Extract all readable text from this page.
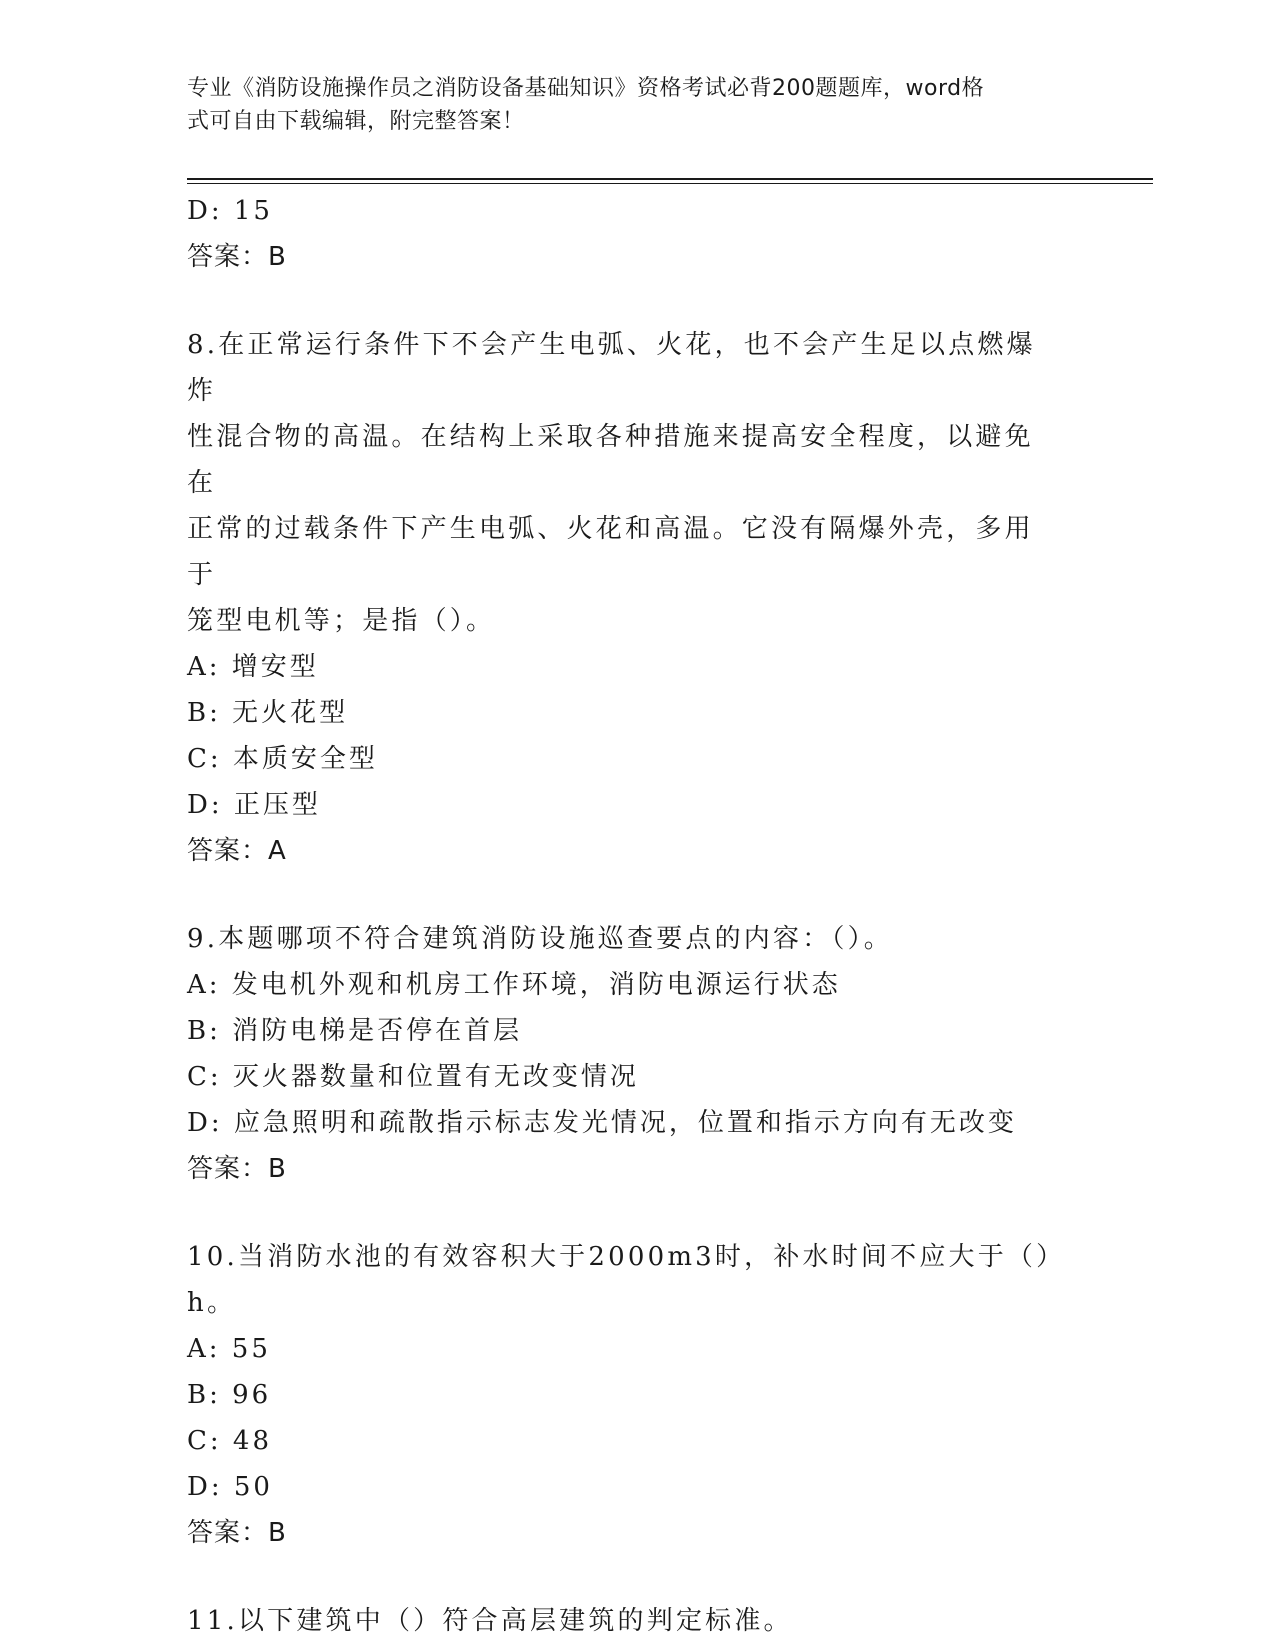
专业《消防设施操作员之消防设备基础知识》资格考试必背200题题库，word格
式可自由下载编辑，附完整答案！
D: 15
答案：B
8.在正常运行条件下不会产生电弧、火花，也不会产生足以点燃爆炸
性混合物的高温。在结构上采取各种措施来提高安全程度，以避免在
正常的过载条件下产生电弧、火花和高温。它没有隔爆外壳，多用于
笼型电机等；是指（）。
A: 增安型
B: 无火花型
C: 本质安全型
D: 正压型
答案：A
9.本题哪项不符合建筑消防设施巡查要点的内容：（）。
A: 发电机外观和机房工作环境，消防电源运行状态
B: 消防电梯是否停在首层
C: 灭火器数量和位置有无改变情况
D: 应急照明和疏散指示标志发光情况，位置和指示方向有无改变
答案：B
10.当消防水池的有效容积大于2000m3时，补水时间不应大于（）h。
A: 55
B: 96
C: 48
D: 50
答案：B
11.以下建筑中（）符合高层建筑的判定标准。
